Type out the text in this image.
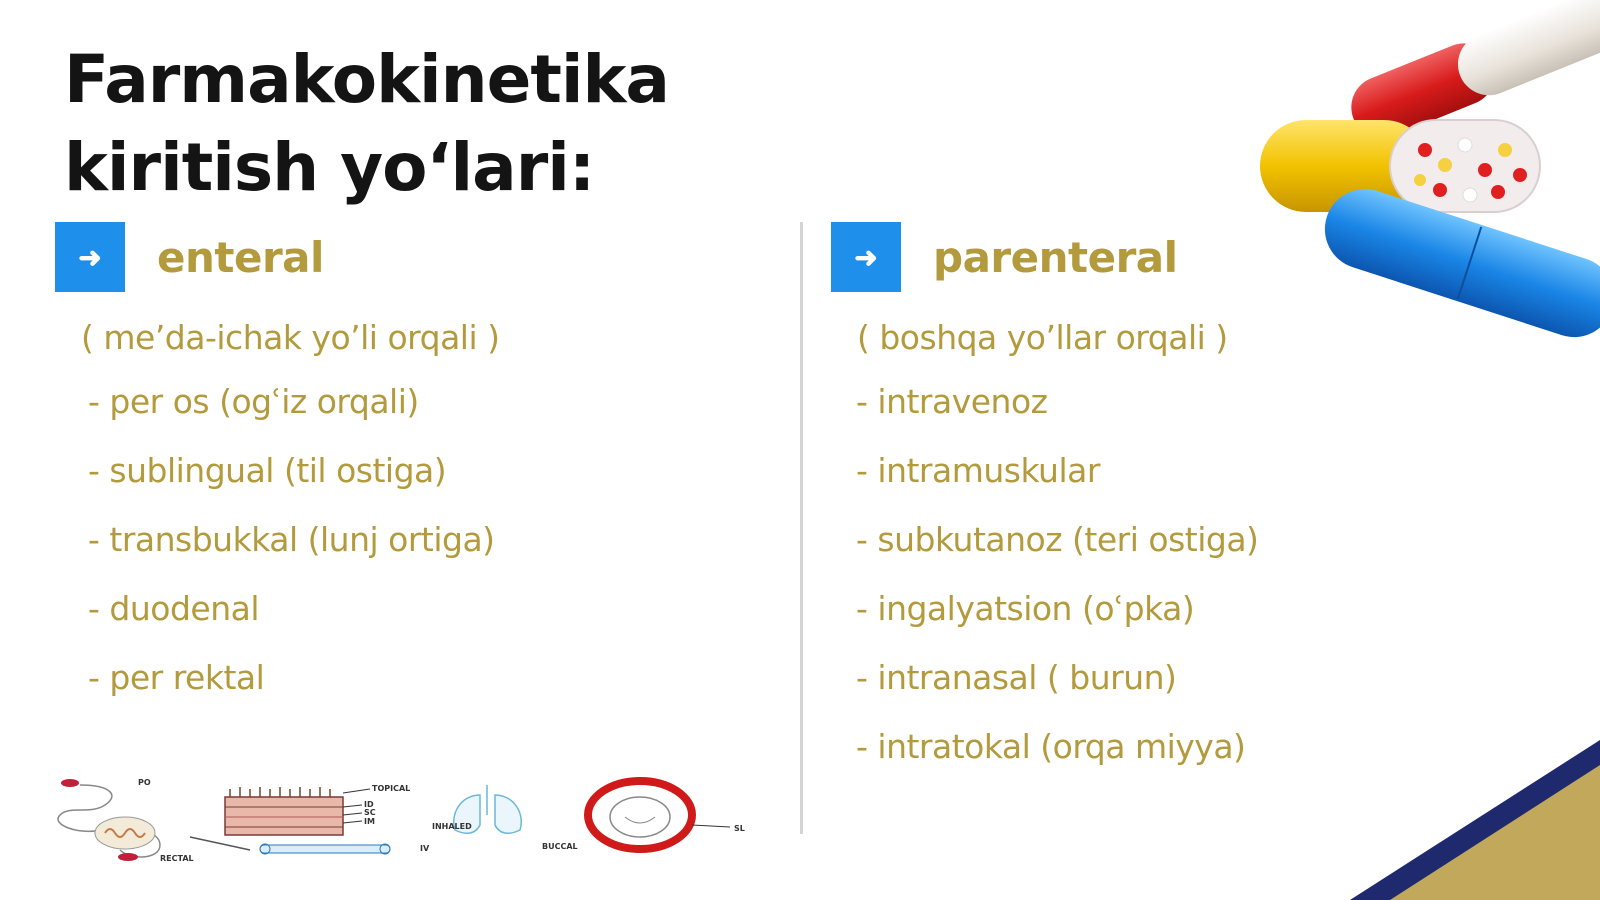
Farmakokinetika
kiritish yo‘lari:
➜	enteral
( me’da-ichak yo’li orqali )
- per os (ogʿiz orqali)
- sublingual (til ostiga)
- transbukkal (lunj ortiga)
- duodenal
- per rektal
➜	parenteral
( boshqa yo’llar orqali )
- intravenoz
- intramuskular
- subkutanoz (teri ostiga)
- ingalyatsion (oʿpka)
- intranasal ( burun)
- intratokal (orqa miyya)
PO
RECTAL
TOPICAL
ID
SC
IM
IV
INHALED
BUCCAL
SL
